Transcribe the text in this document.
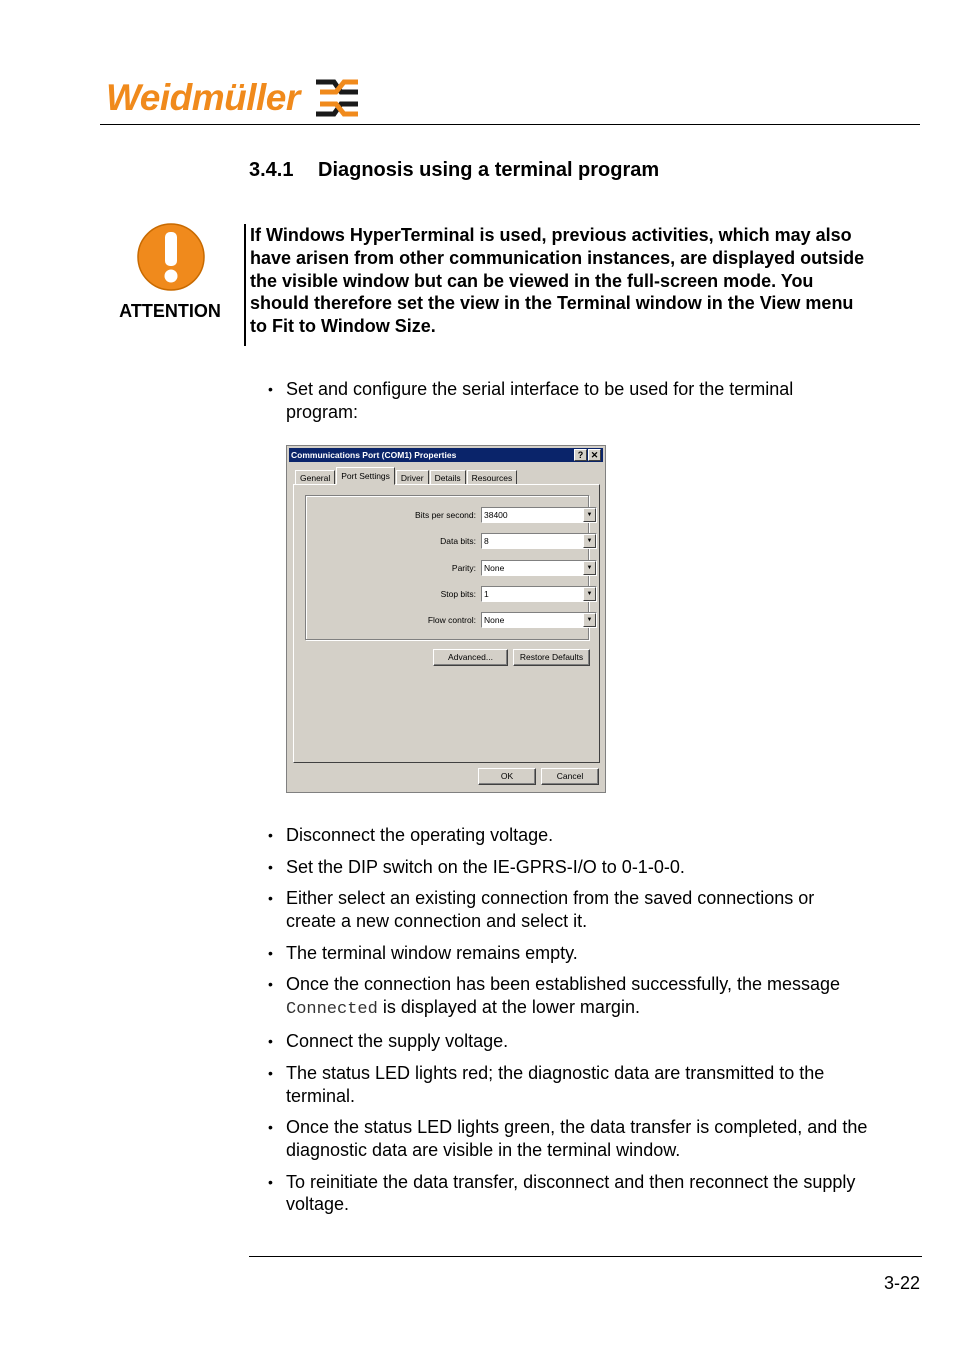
Weidmüller
3.4.1 Diagnosis using a terminal program
ATTENTION
If Windows HyperTerminal is used, previous activities, which may also have arisen from other communication instances, are displayed outside the visible window but can be viewed in the full-screen mode. You should therefore set the view in the Terminal window in the View menu to Fit to Window Size.
• Set and configure the serial interface to be used for the terminal program:
Communications Port (COM1) Properties	? ✕
General	Port Settings	Driver	Details	Resources
Bits per second: 38400	▼
Data bits: 8	▼
Parity: None	▼
Stop bits: 1	▼
Flow control: None	▼
Advanced...	Restore Defaults
OK	Cancel
• Disconnect the operating voltage.
• Set the DIP switch on the IE-GPRS-I/O to 0-1-0-0.
• Either select an existing connection from the saved connections or create a new connection and select it.
• The terminal window remains empty.
• Once the connection has been established successfully, the message Connected is displayed at the lower margin.
• Connect the supply voltage.
• The status LED lights red; the diagnostic data are transmitted to the terminal.
• Once the status LED lights green, the data transfer is completed, and the diagnostic data are visible in the terminal window.
• To reinitiate the data transfer, disconnect and then reconnect the supply voltage.
3-22
